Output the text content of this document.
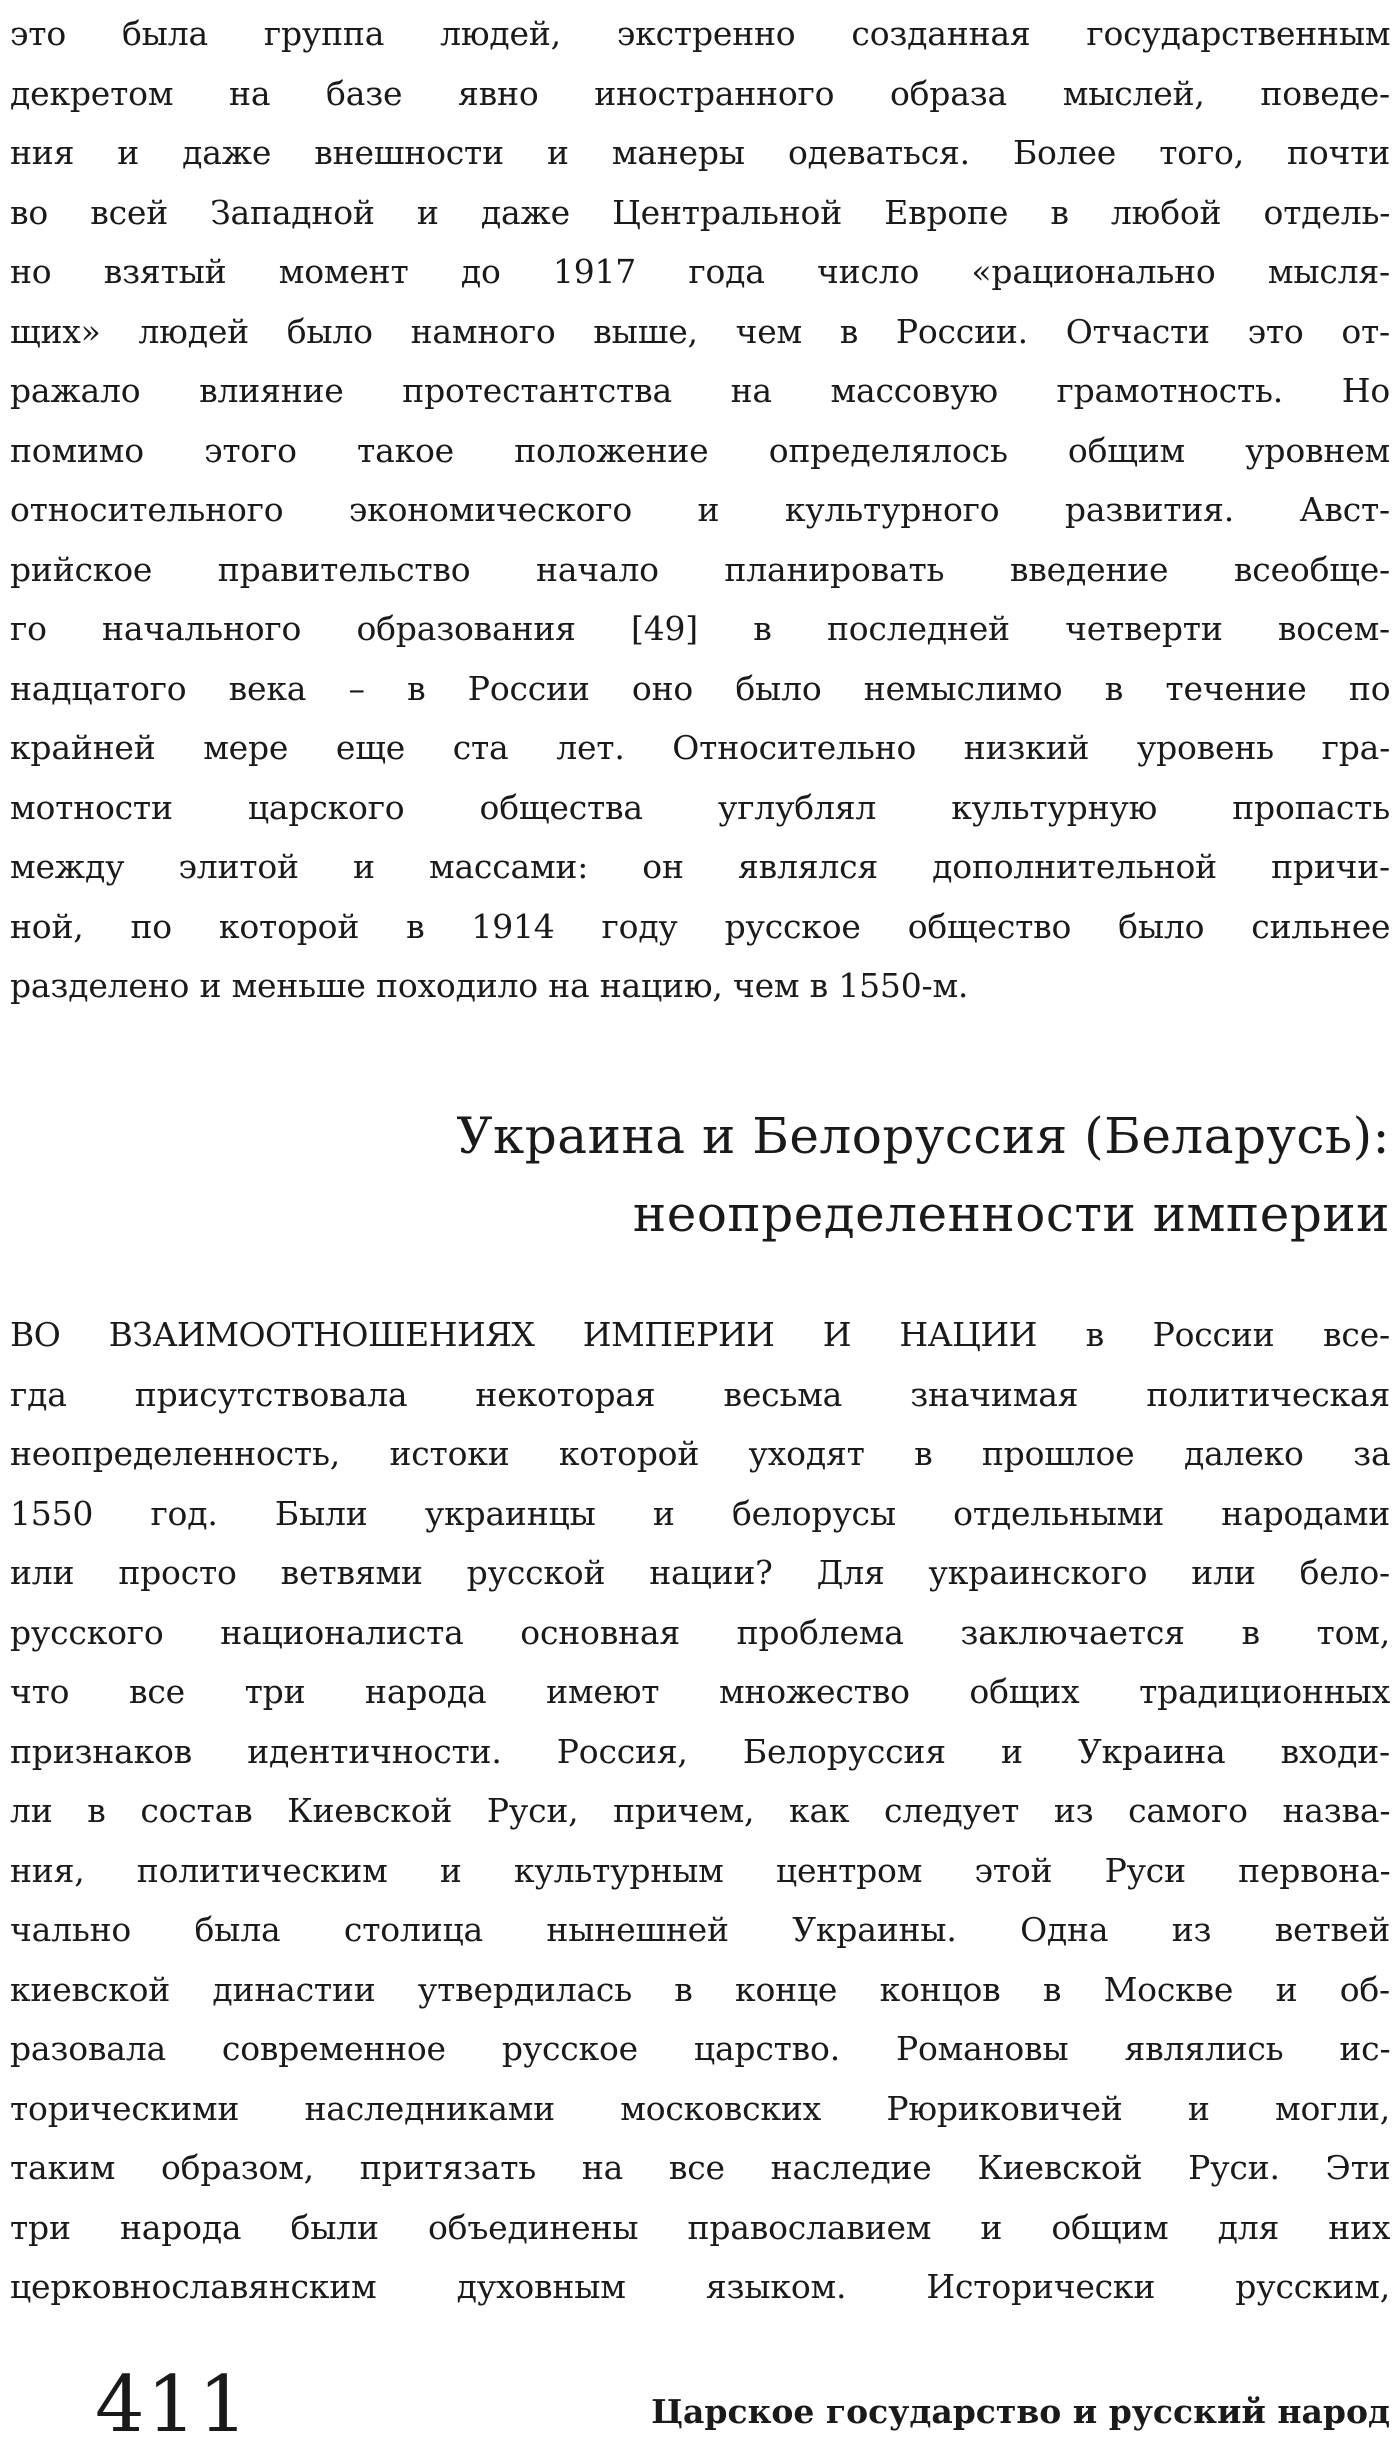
это была группа людей, экстренно созданная государственным
декретом на базе явно иностранного образа мыслей, поведе-
ния и даже внешности и манеры одеваться. Более того, почти
во всей Западной и даже Центральной Европе в любой отдель-
но взятый момент до 1917 года число «рационально мысля-
щих» людей было намного выше, чем в России. Отчасти это от-
ражало влияние протестантства на массовую грамотность. Но
помимо этого такое положение определялось общим уровнем
относительного экономического и культурного развития. Авст-
рийское правительство начало планировать введение всеобще-
го начального образования [49] в последней четверти восем-
надцатого века – в России оно было немыслимо в течение по
крайней мере еще ста лет. Относительно низкий уровень гра-
мотности царского общества углублял культурную пропасть
между элитой и массами: он являлся дополнительной причи-
ной, по которой в 1914 году русское общество было сильнее
разделено и меньше походило на нацию, чем в 1550-м.
Украина и Белоруссия (Беларусь):
неопределенности империи
ВО ВЗАИМООТНОШЕНИЯХ ИМПЕРИИ И НАЦИИ в России все-
гда присутствовала некоторая весьма значимая политическая
неопределенность, истоки которой уходят в прошлое далеко за
1550 год. Были украинцы и белорусы отдельными народами
или просто ветвями русской нации? Для украинского или бело-
русского националиста основная проблема заключается в том,
что все три народа имеют множество общих традиционных
признаков идентичности. Россия, Белоруссия и Украина входи-
ли в состав Киевской Руси, причем, как следует из самого назва-
ния, политическим и культурным центром этой Руси первона-
чально была столица нынешней Украины. Одна из ветвей
киевской династии утвердилась в конце концов в Москве и об-
разовала современное русское царство. Романовы являлись ис-
торическими наследниками московских Рюриковичей и могли,
таким образом, притязать на все наследие Киевской Руси. Эти
три народа были объединены православием и общим для них
церковнославянским духовным языком. Исторически русским,
411	Царское государство и русский народ
